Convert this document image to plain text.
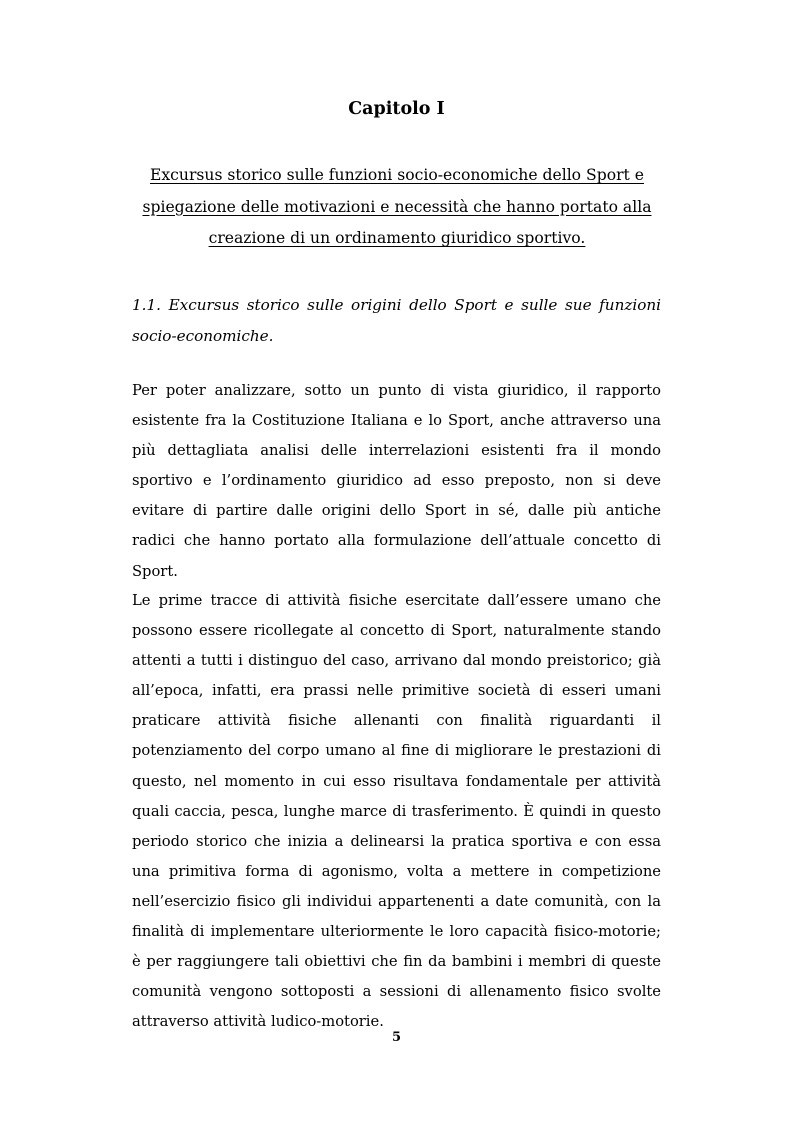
Capitolo I
Excursus storico sulle funzioni socio-economiche dello Sport e spiegazione delle motivazioni e necessità che hanno portato alla creazione di un ordinamento giuridico sportivo.
1.1. Excursus storico sulle origini dello Sport e sulle sue funzioni socio-economiche.

Per poter analizzare, sotto un punto di vista giuridico, il rapporto esistente fra la Costituzione Italiana e lo Sport, anche attraverso una più dettagliata analisi delle interrelazioni esistenti fra il mondo sportivo e l’ordinamento giuridico ad esso preposto, non si deve evitare di partire dalle origini dello Sport in sé, dalle più antiche radici che hanno portato alla formulazione dell’attuale concetto di Sport.

Le prime tracce di attività fisiche esercitate dall’essere umano che possono essere ricollegate al concetto di Sport, naturalmente stando attenti a tutti i distinguo del caso, arrivano dal mondo preistorico; già all’epoca, infatti, era prassi nelle primitive società di esseri umani praticare attività fisiche allenanti con finalità riguardanti il potenziamento del corpo umano al fine di migliorare le prestazioni di questo, nel momento in cui esso risultava fondamentale per attività quali caccia, pesca, lunghe marce di trasferimento. È quindi in questo periodo storico che inizia a delinearsi la pratica sportiva e con essa una primitiva forma di agonismo, volta a mettere in competizione nell’esercizio fisico gli individui appartenenti a date comunità, con la finalità di implementare ulteriormente le loro capacità fisico-motorie; è per raggiungere tali obiettivi che fin da bambini i membri di queste comunità vengono sottoposti a sessioni di allenamento fisico svolte attraverso attività ludico-motorie.

5
